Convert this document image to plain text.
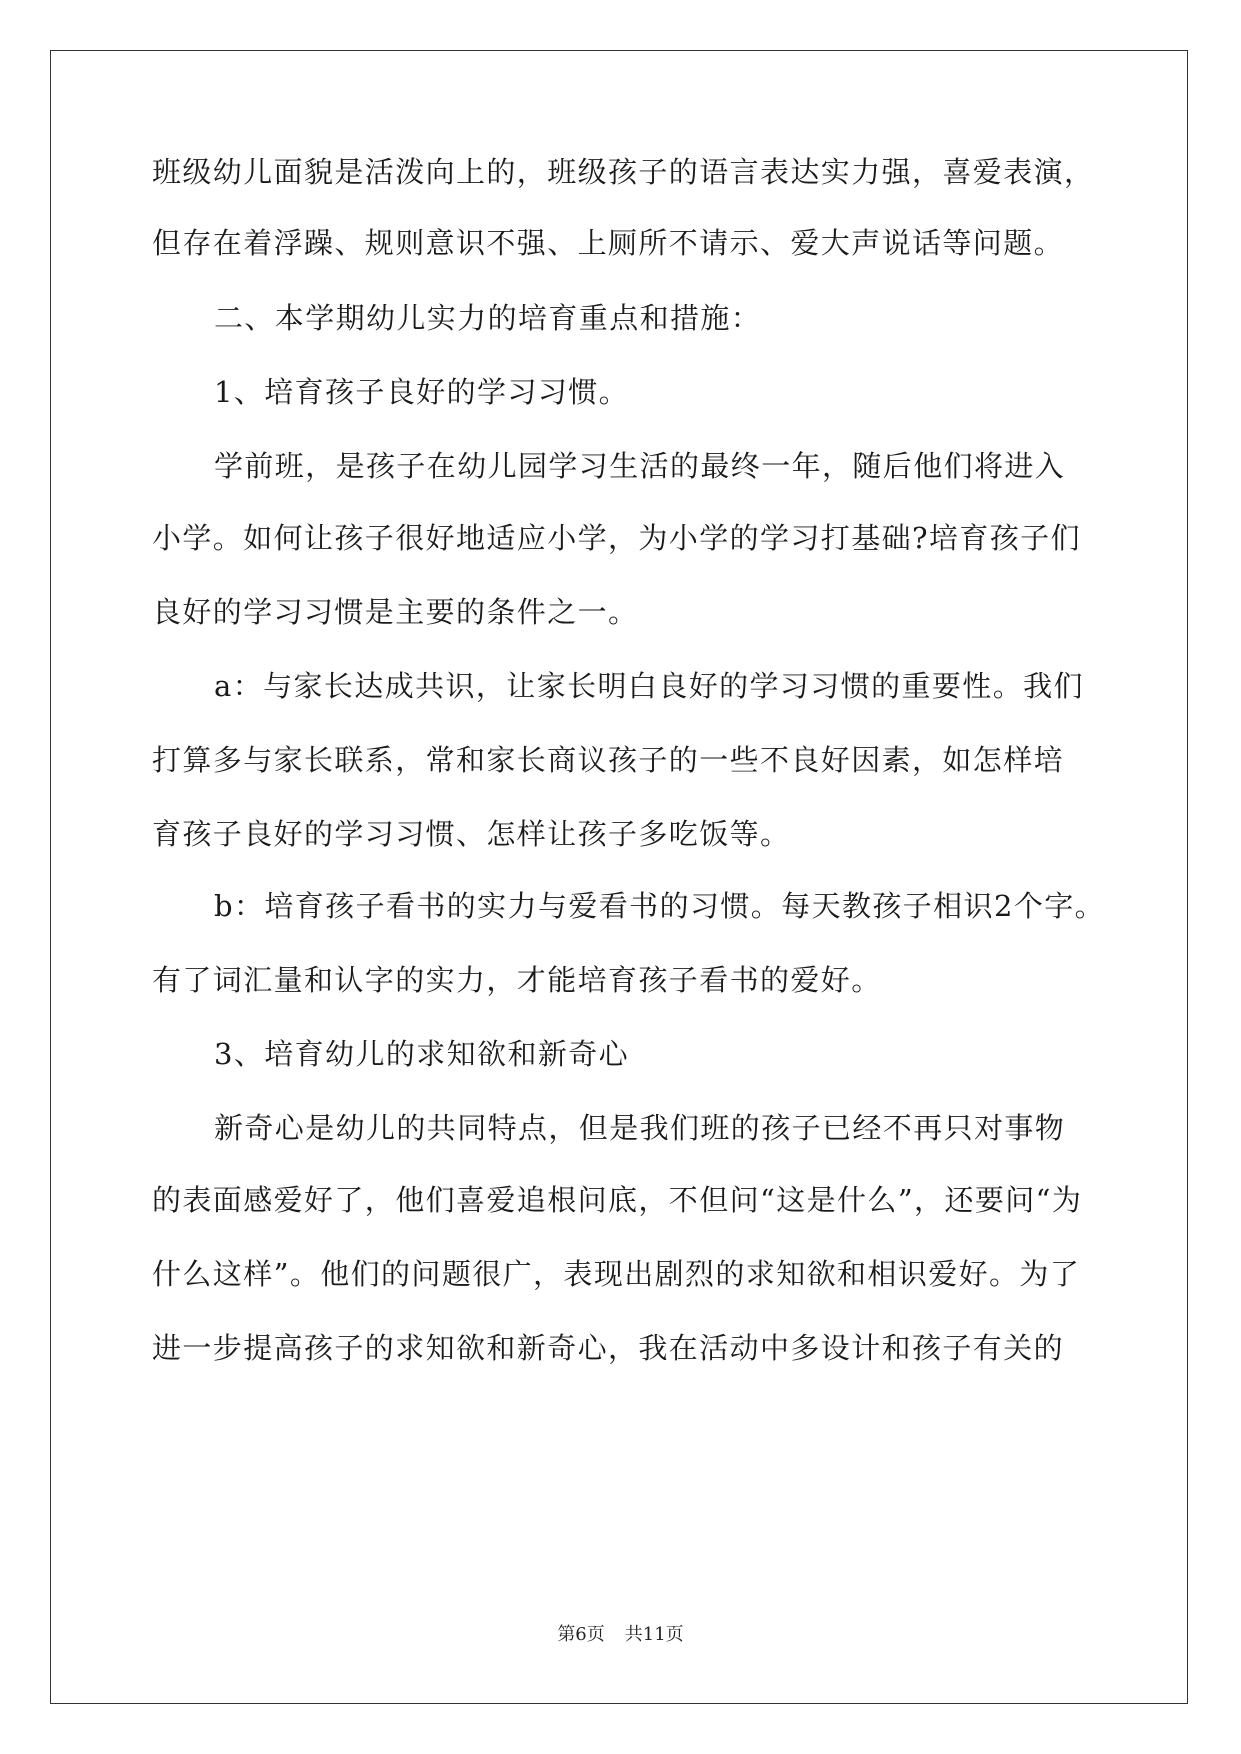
班级幼儿面貌是活泼向上的，班级孩子的语言表达实力强，喜爱表演，
但存在着浮躁、规则意识不强、上厕所不请示、爱大声说话等问题。
二、本学期幼儿实力的培育重点和措施：
1、培育孩子良好的学习习惯。
学前班，是孩子在幼儿园学习生活的最终一年，随后他们将进入
小学。如何让孩子很好地适应小学，为小学的学习打基础?培育孩子们
良好的学习习惯是主要的条件之一。
a：与家长达成共识，让家长明白良好的学习习惯的重要性。我们
打算多与家长联系，常和家长商议孩子的一些不良好因素，如怎样培
育孩子良好的学习习惯、怎样让孩子多吃饭等。
b：培育孩子看书的实力与爱看书的习惯。每天教孩子相识2个字。
有了词汇量和认字的实力，才能培育孩子看书的爱好。
3、培育幼儿的求知欲和新奇心
新奇心是幼儿的共同特点，但是我们班的孩子已经不再只对事物
的表面感爱好了，他们喜爱追根问底，不但问“这是什么”，还要问“为
什么这样”。他们的问题很广，表现出剧烈的求知欲和相识爱好。为了
进一步提高孩子的求知欲和新奇心，我在活动中多设计和孩子有关的
第6页 共11页
